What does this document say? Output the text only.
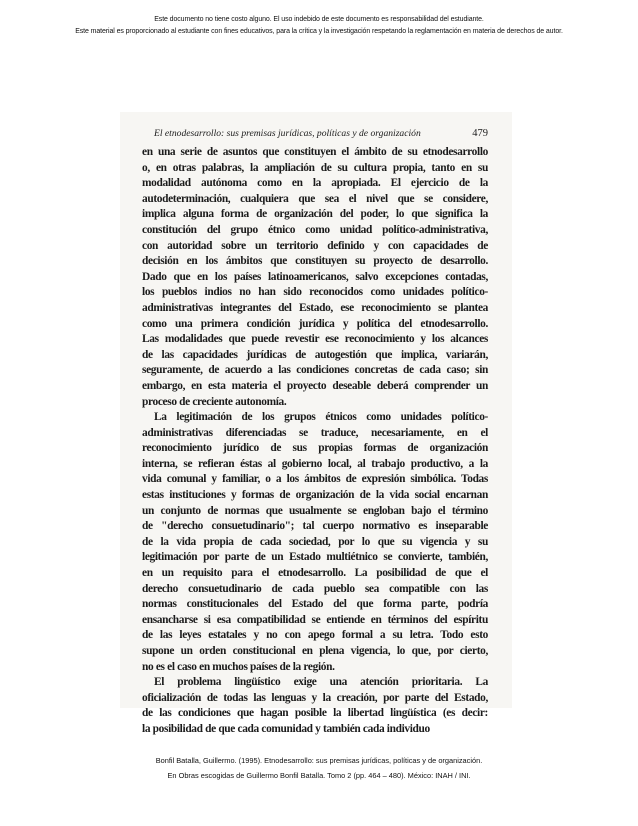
Este documento no tiene costo alguno. El uso indebido de este documento es responsabilidad del estudiante.
Este material es proporcionado al estudiante con fines educativos, para la crítica y la investigación respetando la reglamentación en materia de derechos de autor.
El etnodesarrollo: sus premisas jurídicas, políticas y de organización	479
en una serie de asuntos que constituyen el ámbito de su etnodesarrollo
o, en otras palabras, la ampliación de su cultura propia, tanto en su
modalidad autónoma como en la apropiada. El ejercicio de la
autodeterminación, cualquiera que sea el nivel que se considere,
implica alguna forma de organización del poder, lo que significa la
constitución del grupo étnico como unidad político-administrativa,
con autoridad sobre un territorio definido y con capacidades de
decisión en los ámbitos que constituyen su proyecto de desarrollo.
Dado que en los países latinoamericanos, salvo excepciones contadas,
los pueblos indios no han sido reconocidos como unidades político-
administrativas integrantes del Estado, ese reconocimiento se plantea
como una primera condición jurídica y política del etnodesarrollo.
Las modalidades que puede revestir ese reconocimiento y los alcances
de las capacidades jurídicas de autogestión que implica, variarán,
seguramente, de acuerdo a las condiciones concretas de cada caso; sin
embargo, en esta materia el proyecto deseable deberá comprender un
proceso de creciente autonomía.
La legitimación de los grupos étnicos como unidades político-
administrativas diferenciadas se traduce, necesariamente, en el
reconocimiento jurídico de sus propias formas de organización
interna, se refieran éstas al gobierno local, al trabajo productivo, a la
vida comunal y familiar, o a los ámbitos de expresión simbólica. Todas
estas instituciones y formas de organización de la vida social encarnan
un conjunto de normas que usualmente se engloban bajo el término
de "derecho consuetudinario"; tal cuerpo normativo es inseparable
de la vida propia de cada sociedad, por lo que su vigencia y su
legitimación por parte de un Estado multiétnico se convierte, también,
en un requisito para el etnodesarrollo. La posibilidad de que el
derecho consuetudinario de cada pueblo sea compatible con las
normas constitucionales del Estado del que forma parte, podría
ensancharse si esa compatibilidad se entiende en términos del espíritu
de las leyes estatales y no con apego formal a su letra. Todo esto
supone un orden constitucional en plena vigencia, lo que, por cierto,
no es el caso en muchos países de la región.
El problema lingüístico exige una atención prioritaria. La
oficialización de todas las lenguas y la creación, por parte del Estado,
de las condiciones que hagan posible la libertad lingüística (es decir:
la posibilidad de que cada comunidad y también cada individuo
Bonfil Batalla, Guillermo. (1995). Etnodesarrollo: sus premisas jurídicas, políticas y de organización.
En Obras escogidas de Guillermo Bonfil Batalla. Tomo 2 (pp. 464 – 480). México: INAH / INI.
